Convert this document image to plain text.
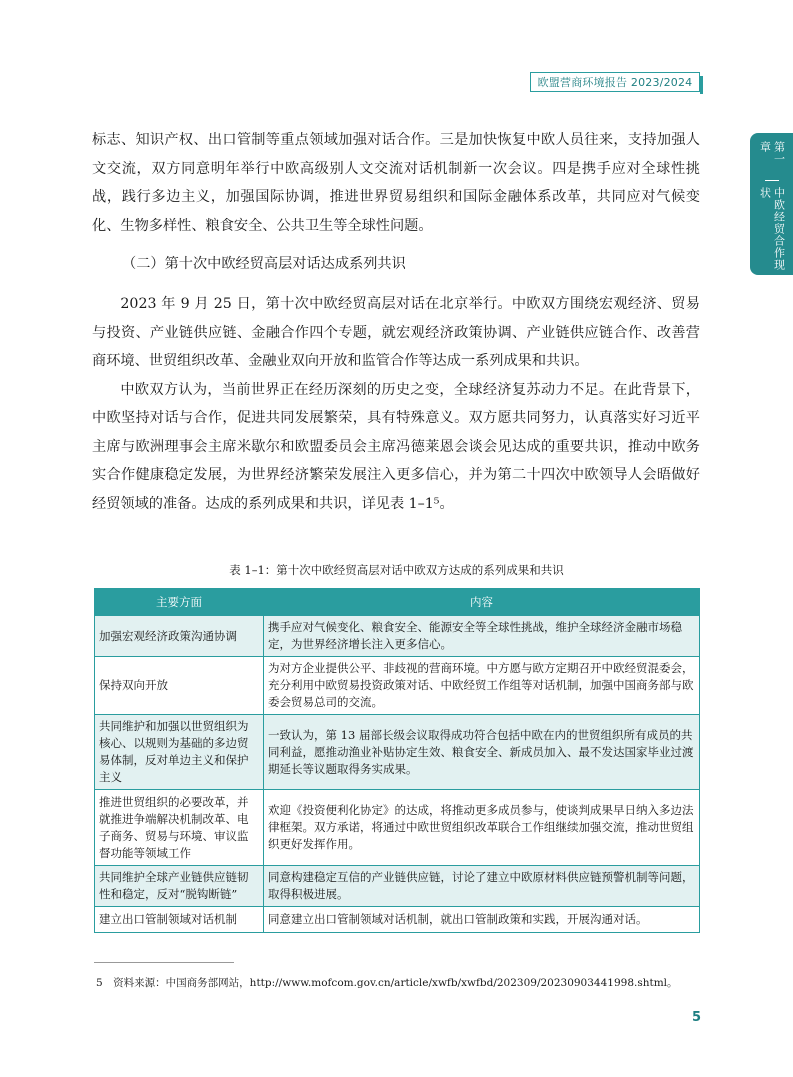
欧盟营商环境报告 2023/2024
第一章
中欧经贸合作现状

标志、知识产权、出口管制等重点领域加强对话合作。三是加快恢复中欧人员往来，支持加强人文交流，双方同意明年举行中欧高级别人文交流对话机制新一次会议。四是携手应对全球性挑战，践行多边主义，加强国际协调，推进世界贸易组织和国际金融体系改革，共同应对气候变化、生物多样性、粮食安全、公共卫生等全球性问题。

（二）第十次中欧经贸高层对话达成系列共识

2023 年 9 月 25 日，第十次中欧经贸高层对话在北京举行。中欧双方围绕宏观经济、贸易与投资、产业链供应链、金融合作四个专题，就宏观经济政策协调、产业链供应链合作、改善营商环境、世贸组织改革、金融业双向开放和监管合作等达成一系列成果和共识。

中欧双方认为，当前世界正在经历深刻的历史之变，全球经济复苏动力不足。在此背景下，中欧坚持对话与合作，促进共同发展繁荣，具有特殊意义。双方愿共同努力，认真落实好习近平主席与欧洲理事会主席米歇尔和欧盟委员会主席冯德莱恩会谈会见达成的重要共识，推动中欧务实合作健康稳定发展，为世界经济繁荣发展注入更多信心，并为第二十四次中欧领导人会晤做好经贸领域的准备。达成的系列成果和共识，详见表 1–1⁵。

表 1–1：第十次中欧经贸高层对话中欧双方达成的系列成果和共识
主要方面	内容
加强宏观经济政策沟通协调	携手应对气候变化、粮食安全、能源安全等全球性挑战，维护全球经济金融市场稳定，为世界经济增长注入更多信心。
保持双向开放	为对方企业提供公平、非歧视的营商环境。中方愿与欧方定期召开中欧经贸混委会，充分利用中欧贸易投资政策对话、中欧经贸工作组等对话机制，加强中国商务部与欧委会贸易总司的交流。
共同维护和加强以世贸组织为核心、以规则为基础的多边贸易体制，反对单边主义和保护主义	一致认为，第 13 届部长级会议取得成功符合包括中欧在内的世贸组织所有成员的共同利益，愿推动渔业补贴协定生效、粮食安全、新成员加入、最不发达国家毕业过渡期延长等议题取得务实成果。
推进世贸组织的必要改革，并就推进争端解决机制改革、电子商务、贸易与环境、审议监督功能等领域工作	欢迎《投资便利化协定》的达成，将推动更多成员参与，使谈判成果早日纳入多边法律框架。双方承诺，将通过中欧世贸组织改革联合工作组继续加强交流，推动世贸组织更好发挥作用。
共同维护全球产业链供应链韧性和稳定，反对“脱钩断链”	同意构建稳定互信的产业链供应链，讨论了建立中欧原材料供应链预警机制等问题，取得积极进展。
建立出口管制领域对话机制	同意建立出口管制领域对话机制，就出口管制政策和实践，开展沟通对话。
5　资料来源：中国商务部网站，http://www.mofcom.gov.cn/article/xwfb/xwfbd/202309/20230903441998.shtml。
5
